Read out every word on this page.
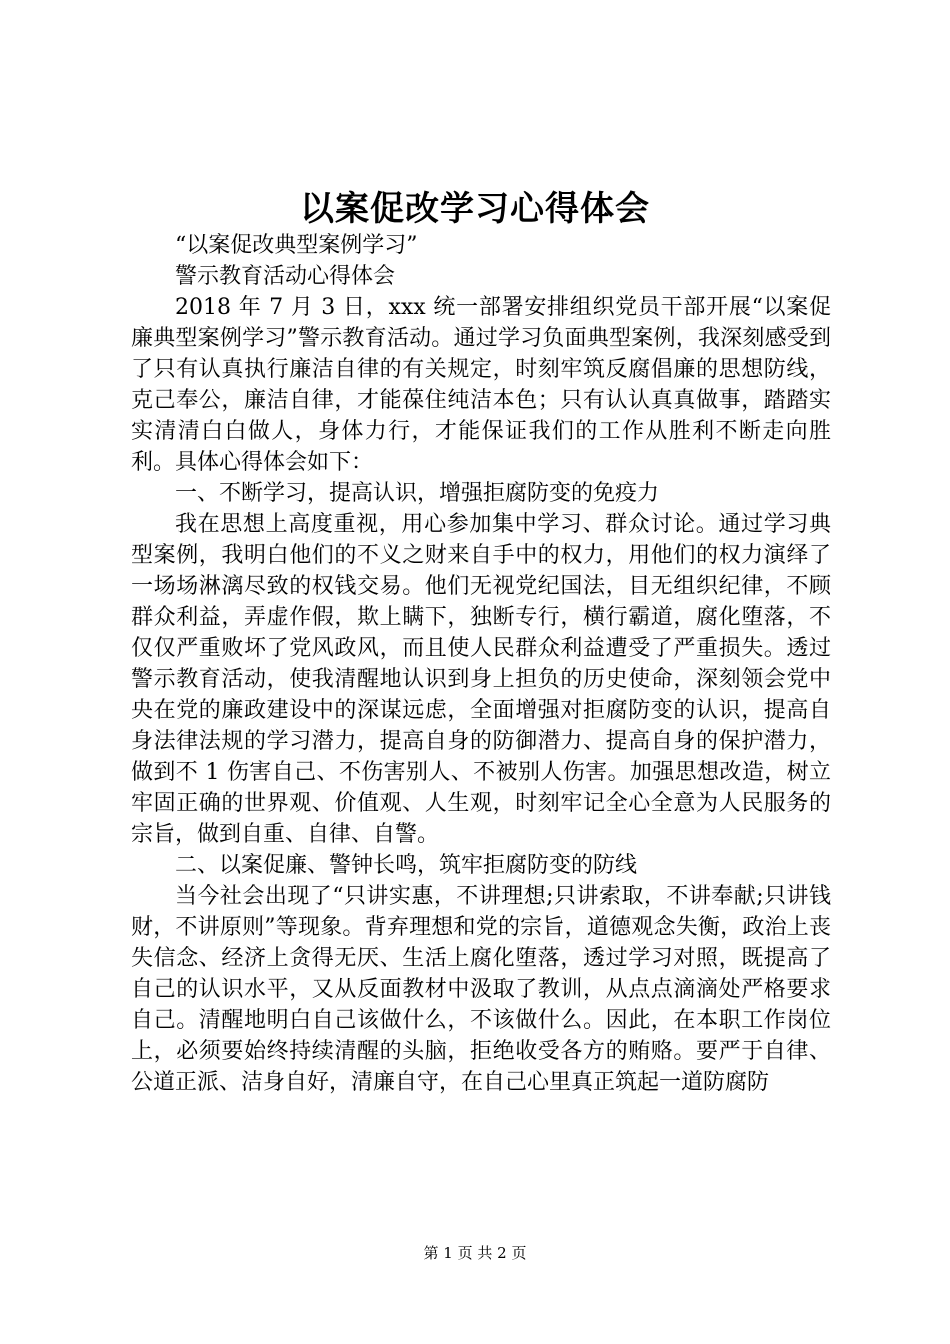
以案促改学习心得体会

“以案促改典型案例学习”

警示教育活动心得体会

2018 年 7 月 3 日，xxx 统一部署安排组织党员干部开展“以案促廉典型案例学习”警示教育活动。通过学习负面典型案例，我深刻感受到了只有认真执行廉洁自律的有关规定，时刻牢筑反腐倡廉的思想防线，克己奉公，廉洁自律，才能葆住纯洁本色；只有认认真真做事，踏踏实实清清白白做人，身体力行，才能保证我们的工作从胜利不断走向胜利。具体心得体会如下：

一、不断学习，提高认识，增强拒腐防变的免疫力

我在思想上高度重视，用心参加集中学习、群众讨论。通过学习典型案例，我明白他们的不义之财来自手中的权力，用他们的权力演绎了一场场淋漓尽致的权钱交易。他们无视党纪国法，目无组织纪律，不顾群众利益，弄虚作假，欺上瞒下，独断专行，横行霸道，腐化堕落，不仅仅严重败坏了党风政风，而且使人民群众利益遭受了严重损失。透过警示教育活动，使我清醒地认识到身上担负的历史使命，深刻领会党中央在党的廉政建设中的深谋远虑，全面增强对拒腐防变的认识，提高自身法律法规的学习潜力，提高自身的防御潜力、提高自身的保护潜力，做到不 1 伤害自己、不伤害别人、不被别人伤害。加强思想改造，树立牢固正确的世界观、价值观、人生观，时刻牢记全心全意为人民服务的宗旨，做到自重、自律、自警。

二、以案促廉、警钟长鸣，筑牢拒腐防变的防线

当今社会出现了“只讲实惠，不讲理想;只讲索取，不讲奉献;只讲钱财，不讲原则”等现象。背弃理想和党的宗旨，道德观念失衡，政治上丧失信念、经济上贪得无厌、生活上腐化堕落，透过学习对照，既提高了自己的认识水平，又从反面教材中汲取了教训，从点点滴滴处严格要求自己。清醒地明白自己该做什么，不该做什么。因此，在本职工作岗位上，必须要始终持续清醒的头脑，拒绝收受各方的贿赂。要严于自律、公道正派、洁身自好，清廉自守，在自己心里真正筑起一道防腐防

第 1 页 共 2 页
